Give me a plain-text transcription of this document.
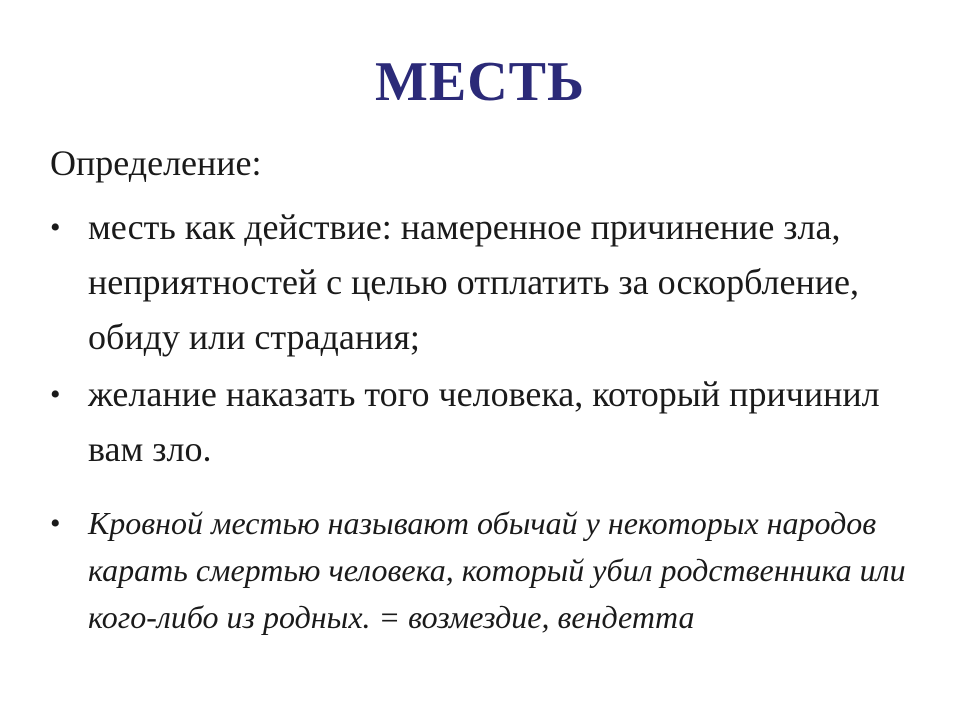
МЕСТЬ
Определение:
• месть как действие: намеренное причинение зла, неприятностей с целью отплатить за оскорбление, обиду или страдания;
• желание наказать того человека, который причинил вам зло.
• Кровной местью называют обычай у некоторых народов карать смертью человека, который убил родственника или кого-либо из родных. = возмездие, вендетта
